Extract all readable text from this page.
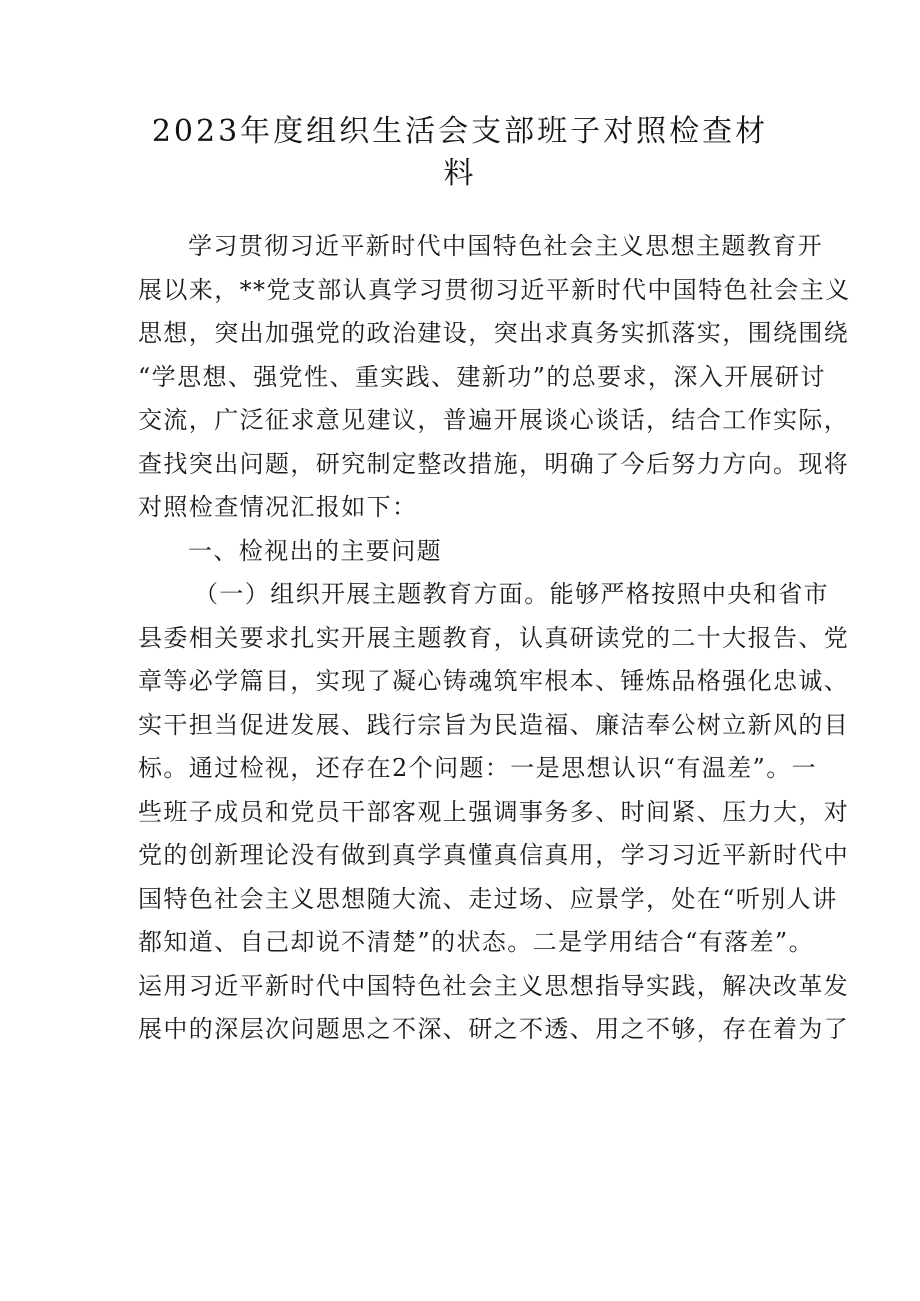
2023年度组织生活会支部班子对照检查材
料

学习贯彻习近平新时代中国特色社会主义思想主题教育开

展以来，**党支部认真学习贯彻习近平新时代中国特色社会主义

思想，突出加强党的政治建设，突出求真务实抓落实，围绕围绕

“学思想、强党性、重实践、建新功”的总要求，深入开展研讨

交流，广泛征求意见建议，普遍开展谈心谈话，结合工作实际，

查找突出问题，研究制定整改措施，明确了今后努力方向。现将

对照检查情况汇报如下：

一、检视出的主要问题

（一）组织开展主题教育方面。能够严格按照中央和省市

县委相关要求扎实开展主题教育，认真研读党的二十大报告、党

章等必学篇目，实现了凝心铸魂筑牢根本、锤炼品格强化忠诚、

实干担当促进发展、践行宗旨为民造福、廉洁奉公树立新风的目

标。通过检视，还存在2个问题：一是思想认识“有温差”。一

些班子成员和党员干部客观上强调事务多、时间紧、压力大，对

党的创新理论没有做到真学真懂真信真用，学习习近平新时代中

国特色社会主义思想随大流、走过场、应景学，处在“听别人讲

都知道、自己却说不清楚”的状态。二是学用结合“有落差”。

运用习近平新时代中国特色社会主义思想指导实践，解决改革发

展中的深层次问题思之不深、研之不透、用之不够，存在着为了
